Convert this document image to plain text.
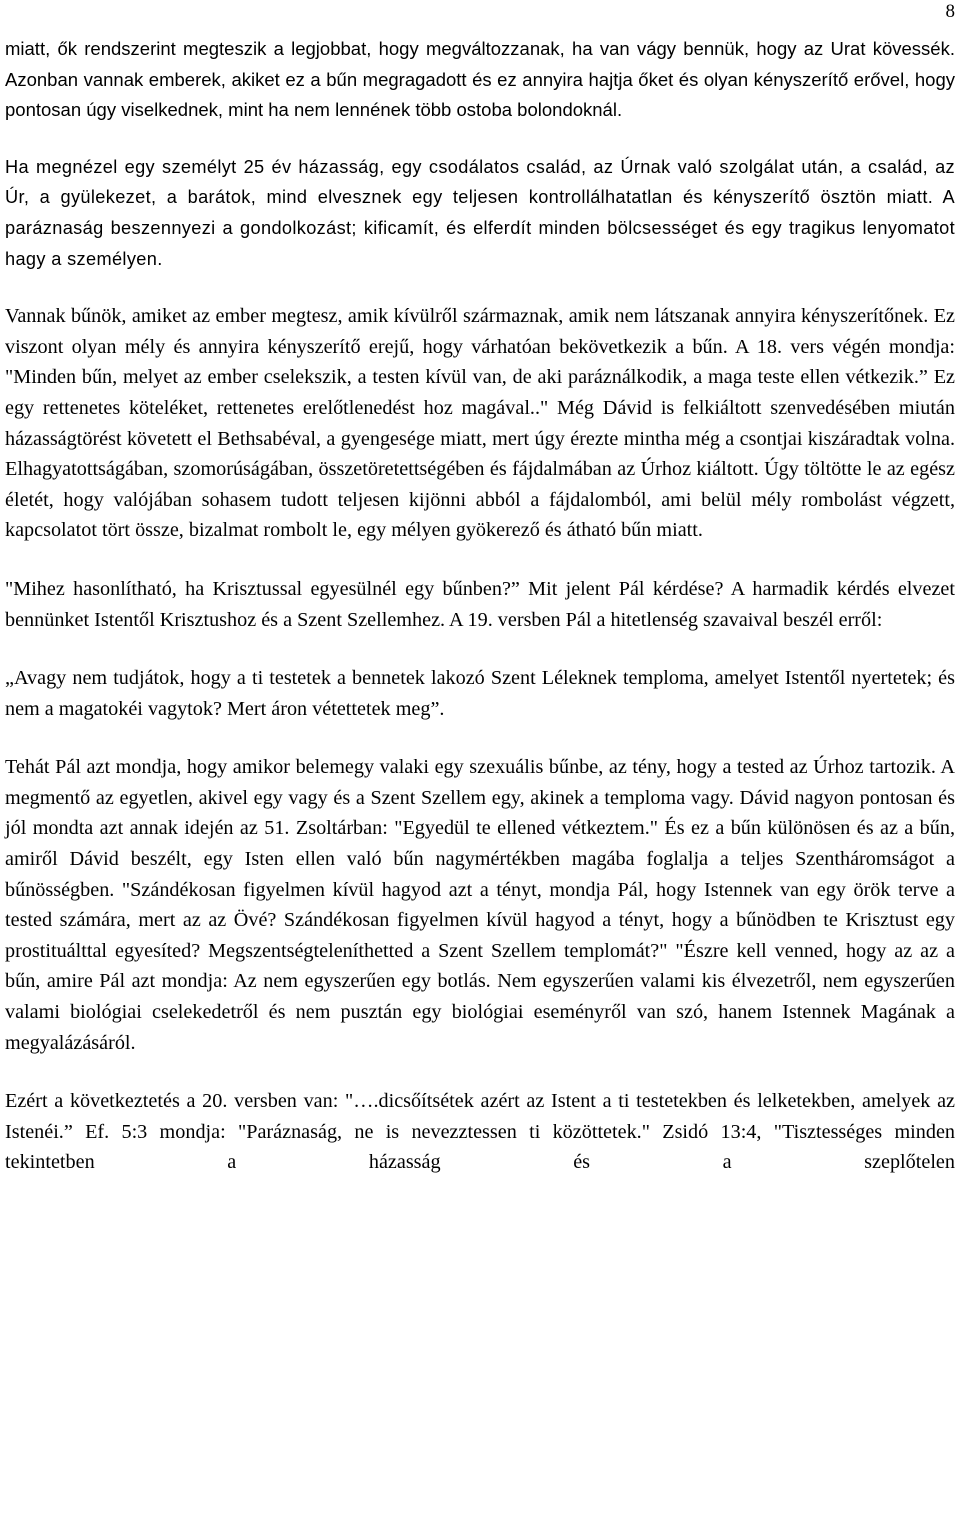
8

miatt, ők rendszerint megteszik a legjobbat, hogy megváltozzanak, ha van vágy bennük, hogy az Urat kövessék. Azonban vannak emberek, akiket ez a bűn megragadott és ez annyira hajtja őket és olyan kényszerítő erővel, hogy pontosan úgy viselkednek, mint ha nem lennének több ostoba bolondoknál.

Ha megnézel egy személyt 25 év házasság, egy csodálatos család, az Úrnak való szolgálat után, a család, az Úr, a gyülekezet, a barátok, mind elvesznek egy teljesen kontrollálhatatlan és kényszerítő ösztön miatt. A paráznaság beszennyezi a gondolkozást; kificamít, és elferdít minden bölcsességet és egy tragikus lenyomatot hagy a személyen.

Vannak bűnök, amiket az ember megtesz, amik kívülről származnak, amik nem látszanak annyira kényszerítőnek. Ez viszont olyan mély és annyira kényszerítő erejű, hogy várhatóan bekövetkezik a bűn. A 18. vers végén mondja: "Minden bűn, melyet az ember cselekszik, a testen kívül van, de aki paráználkodik, a maga teste ellen vétkezik.” Ez egy rettenetes köteléket, rettenetes erelőtlenedést hoz magával.." Még Dávid is felkiáltott szenvedésében miután házasságtörést követett el Bethsabéval, a gyengesége miatt, mert úgy érezte mintha még a csontjai kiszáradtak volna. Elhagyatottságában, szomorúságában, összetöretettségében és fájdalmában az Úrhoz kiáltott. Úgy töltötte le az egész életét, hogy valójában sohasem tudott teljesen kijönni abból a fájdalomból, ami belül mély rombolást végzett, kapcsolatot tört össze, bizalmat rombolt le, egy mélyen gyökerező és átható bűn miatt.

"Mihez hasonlítható, ha Krisztussal egyesülnél egy bűnben?” Mit jelent Pál kérdése? A harmadik kérdés elvezet bennünket Istentől Krisztushoz és a Szent Szellemhez. A 19. versben Pál a hitetlenség szavaival beszél erről:

„Avagy nem tudjátok, hogy a ti testetek a bennetek lakozó Szent Léleknek temploma, amelyet Istentől nyertetek; és nem a magatokéi vagytok? Mert áron vétettetek meg”.

Tehát Pál azt mondja, hogy amikor belemegy valaki egy szexuális bűnbe, az tény, hogy a tested az Úrhoz tartozik. A megmentő az egyetlen, akivel egy vagy és a Szent Szellem egy, akinek a temploma vagy. Dávid nagyon pontosan és jól mondta azt annak idején az 51. Zsoltárban: "Egyedül te ellened vétkeztem." És ez a bűn különösen és az a bűn, amiről Dávid beszélt, egy Isten ellen való bűn nagymértékben magába foglalja a teljes Szentháromságot a bűnösségben. "Szándékosan figyelmen kívül hagyod azt a tényt, mondja Pál, hogy Istennek van egy örök terve a tested számára, mert az az Övé? Szándékosan figyelmen kívül hagyod a tényt, hogy a bűnödben te Krisztust egy prostituálttal egyesíted? Megszentségteleníthetted a Szent Szellem templomát?" "Észre kell venned, hogy az az a bűn, amire Pál azt mondja: Az nem egyszerűen egy botlás. Nem egyszerűen valami kis élvezetről, nem egyszerűen valami biológiai cselekedetről és nem pusztán egy biológiai eseményről van szó, hanem Istennek Magának a megyalázásáról.

Ezért a következtetés a 20. versben van: "….dicsőítsétek azért az Istent a ti testetekben és lelketekben, amelyek az Istenéi.” Ef. 5:3 mondja: "Paráznaság, ne is nevezztessen ti közöttetek." Zsidó 13:4, "Tisztességes minden tekintetben a házasság és a szeplőtelen
